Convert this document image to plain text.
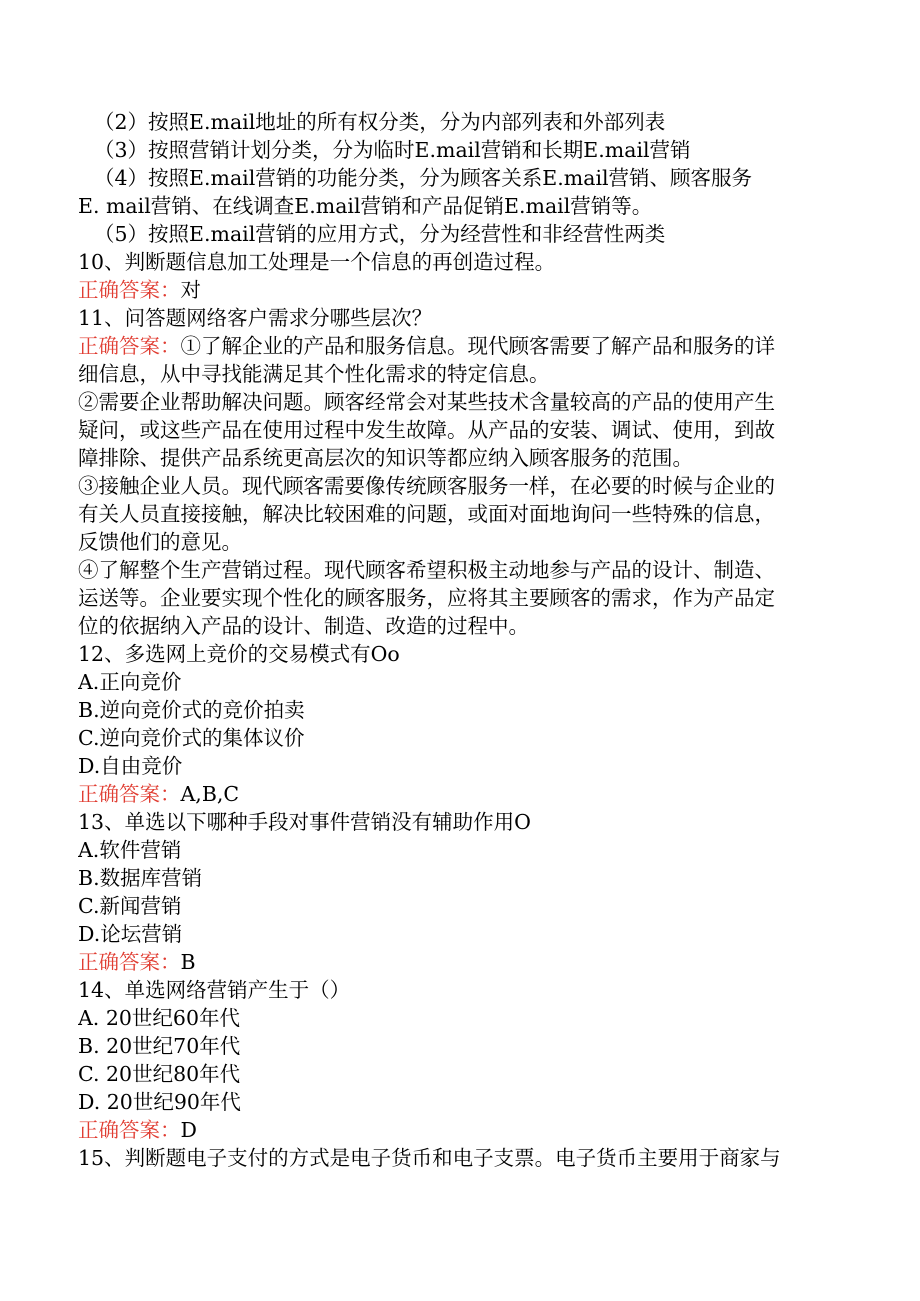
（2）按照E.mail地址的所有权分类，分为内部列表和外部列表
（3）按照营销计划分类，分为临时E.mail营销和长期E.mail营销
（4）按照E.mail营销的功能分类，分为顾客关系E.mail营销、顾客服务
E. mail营销、在线调查E.mail营销和产品促销E.mail营销等。
（5）按照E.mail营销的应用方式，分为经营性和非经营性两类
10、判断题信息加工处理是一个信息的再创造过程。
正确答案：对
11、问答题网络客户需求分哪些层次？
正确答案：①了解企业的产品和服务信息。现代顾客需要了解产品和服务的详
细信息，从中寻找能满足其个性化需求的特定信息。
②需要企业帮助解决问题。顾客经常会对某些技术含量较高的产品的使用产生
疑问，或这些产品在使用过程中发生故障。从产品的安装、调试、使用，到故
障排除、提供产品系统更高层次的知识等都应纳入顾客服务的范围。
③接触企业人员。现代顾客需要像传统顾客服务一样，在必要的时候与企业的
有关人员直接接触，解决比较困难的问题，或面对面地询问一些特殊的信息，
反馈他们的意见。
④了解整个生产营销过程。现代顾客希望积极主动地参与产品的设计、制造、
运送等。企业要实现个性化的顾客服务，应将其主要顾客的需求，作为产品定
位的依据纳入产品的设计、制造、改造的过程中。
12、多选网上竞价的交易模式有Oo
A.正向竞价
B.逆向竞价式的竞价拍卖
C.逆向竞价式的集体议价
D.自由竞价
正确答案：A,B,C
13、单选以下哪种手段对事件营销没有辅助作用O
A.软件营销
B.数据库营销
C.新闻营销
D.论坛营销
正确答案：B
14、单选网络营销产生于（）
A. 20世纪60年代
B. 20世纪70年代
C. 20世纪80年代
D. 20世纪90年代
正确答案：D
15、判断题电子支付的方式是电子货币和电子支票。电子货币主要用于商家与
